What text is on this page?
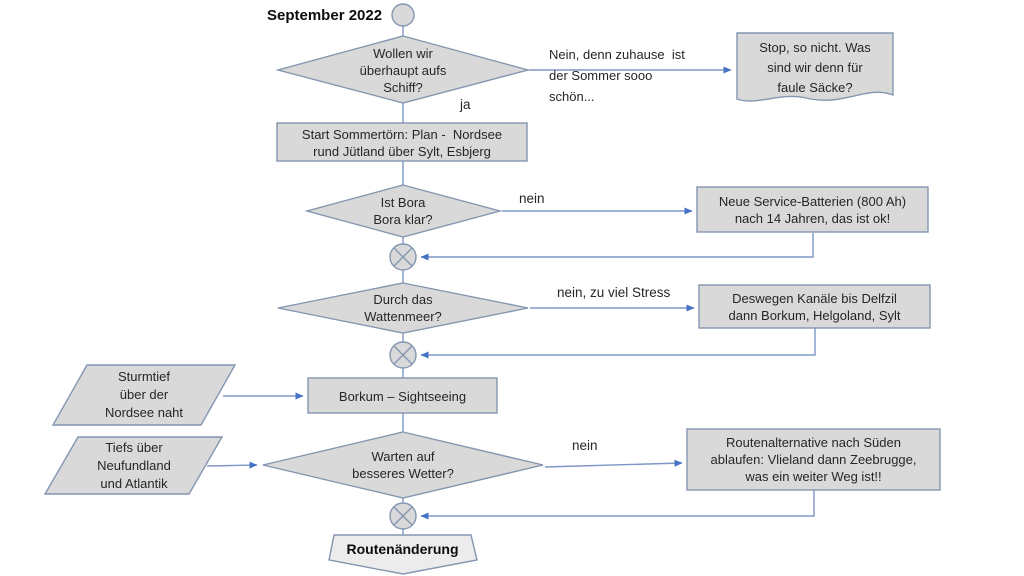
September 2022
Wollen wir
überhaupt aufs
Schiff?
ja
Nein, denn zuhause  ist
der Sommer sooo
schön...
Stop, so nicht. Was
sind wir denn für
faule Säcke?
Start Sommertörn: Plan -  Nordsee
rund Jütland über Sylt, Esbjerg
Ist Bora
Bora klar?
nein	Neue Service-Batterien (800 Ah)
nach 14 Jahren, das ist ok!
Durch das
Wattenmeer?
nein, zu viel Stress	Deswegen Kanäle bis Delfzil
dann Borkum, Helgoland, Sylt
Sturmtief
über der
Nordsee naht
Borkum – Sightseeing
Tiefs über
Neufundland
und Atlantik
Warten auf
besseres Wetter?
nein	Routenalternative nach Süden
ablaufen: Vlieland dann Zeebrugge,
was ein weiter Weg ist!!
Routenänderung
